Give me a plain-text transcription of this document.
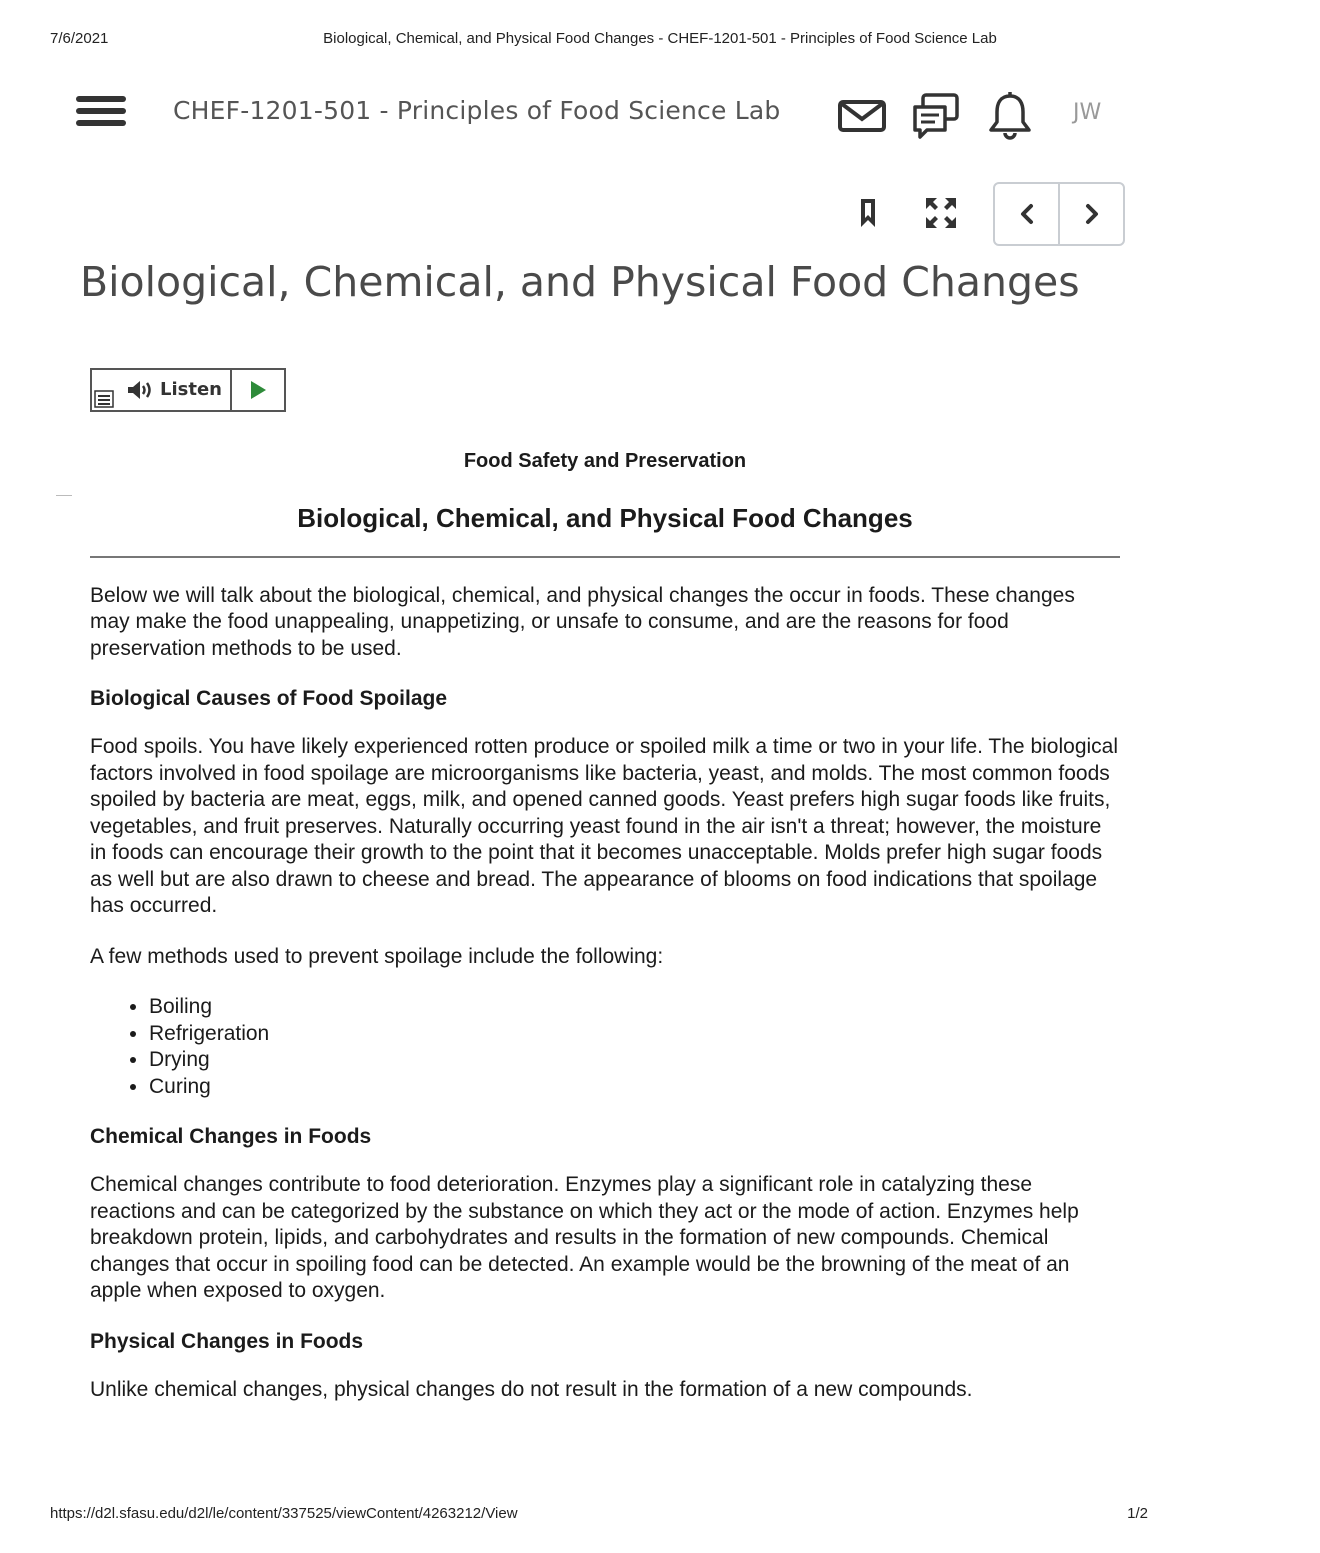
7/6/2021	Biological, Chemical, and Physical Food Changes - CHEF-1201-501 - Principles of Food Science Lab
CHEF-1201-501 - Principles of Food Science Lab	JW
Biological, Chemical, and Physical Food Changes
Listen
Food Safety and Preservation
Biological, Chemical, and Physical Food Changes

Below we will talk about the biological, chemical, and physical changes the occur in foods. These changes may make the food unappealing, unappetizing, or unsafe to consume, and are the reasons for food preservation methods to be used.

Biological Causes of Food Spoilage

Food spoils. You have likely experienced rotten produce or spoiled milk a time or two in your life. The biological factors involved in food spoilage are microorganisms like bacteria, yeast, and molds. The most common foods spoiled by bacteria are meat, eggs, milk, and opened canned goods. Yeast prefers high sugar foods like fruits, vegetables, and fruit preserves. Naturally occurring yeast found in the air isn't a threat; however, the moisture in foods can encourage their growth to the point that it becomes unacceptable. Molds prefer high sugar foods as well but are also drawn to cheese and bread. The appearance of blooms on food indications that spoilage has occurred.

A few methods used to prevent spoilage include the following:

• Boiling
• Refrigeration
• Drying
• Curing

Chemical Changes in Foods

Chemical changes contribute to food deterioration. Enzymes play a significant role in catalyzing these reactions and can be categorized by the substance on which they act or the mode of action. Enzymes help breakdown protein, lipids, and carbohydrates and results in the formation of new compounds. Chemical changes that occur in spoiling food can be detected. An example would be the browning of the meat of an apple when exposed to oxygen.

Physical Changes in Foods

Unlike chemical changes, physical changes do not result in the formation of a new compounds.
https://d2l.sfasu.edu/d2l/le/content/337525/viewContent/4263212/View	1/2
